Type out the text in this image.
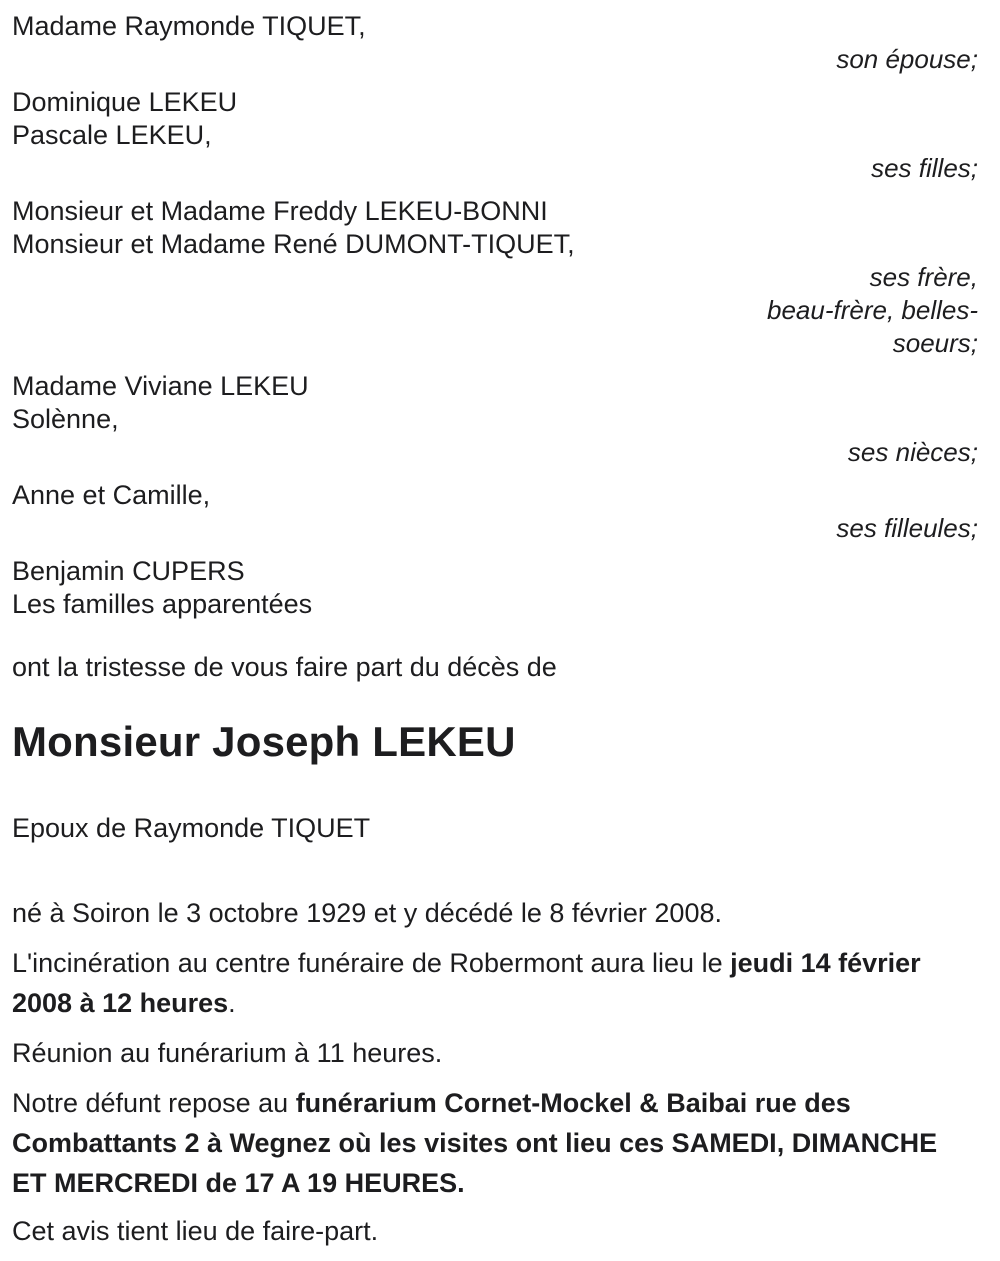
Madame Raymonde TIQUET,
son épouse;
Dominique LEKEU
Pascale LEKEU,
ses filles;
Monsieur et Madame Freddy LEKEU-BONNI
Monsieur et Madame René DUMONT-TIQUET,
ses frère,
beau-frère, belles-
soeurs;
Madame Viviane LEKEU
Solènne,
ses nièces;
Anne et Camille,
ses filleules;
Benjamin CUPERS
Les familles apparentées

ont la tristesse de vous faire part du décès de

Monsieur Joseph LEKEU

Epoux de Raymonde TIQUET

né à Soiron le 3 octobre 1929 et y décédé le 8 février 2008.

L'incinération au centre funéraire de Robermont aura lieu le jeudi 14 février 2008 à 12 heures.

Réunion au funérarium à 11 heures.

Notre défunt repose au funérarium Cornet-Mockel & Baibai rue des Combattants 2 à Wegnez où les visites ont lieu ces SAMEDI, DIMANCHE ET MERCREDI de 17 A 19 HEURES.

Cet avis tient lieu de faire-part.
